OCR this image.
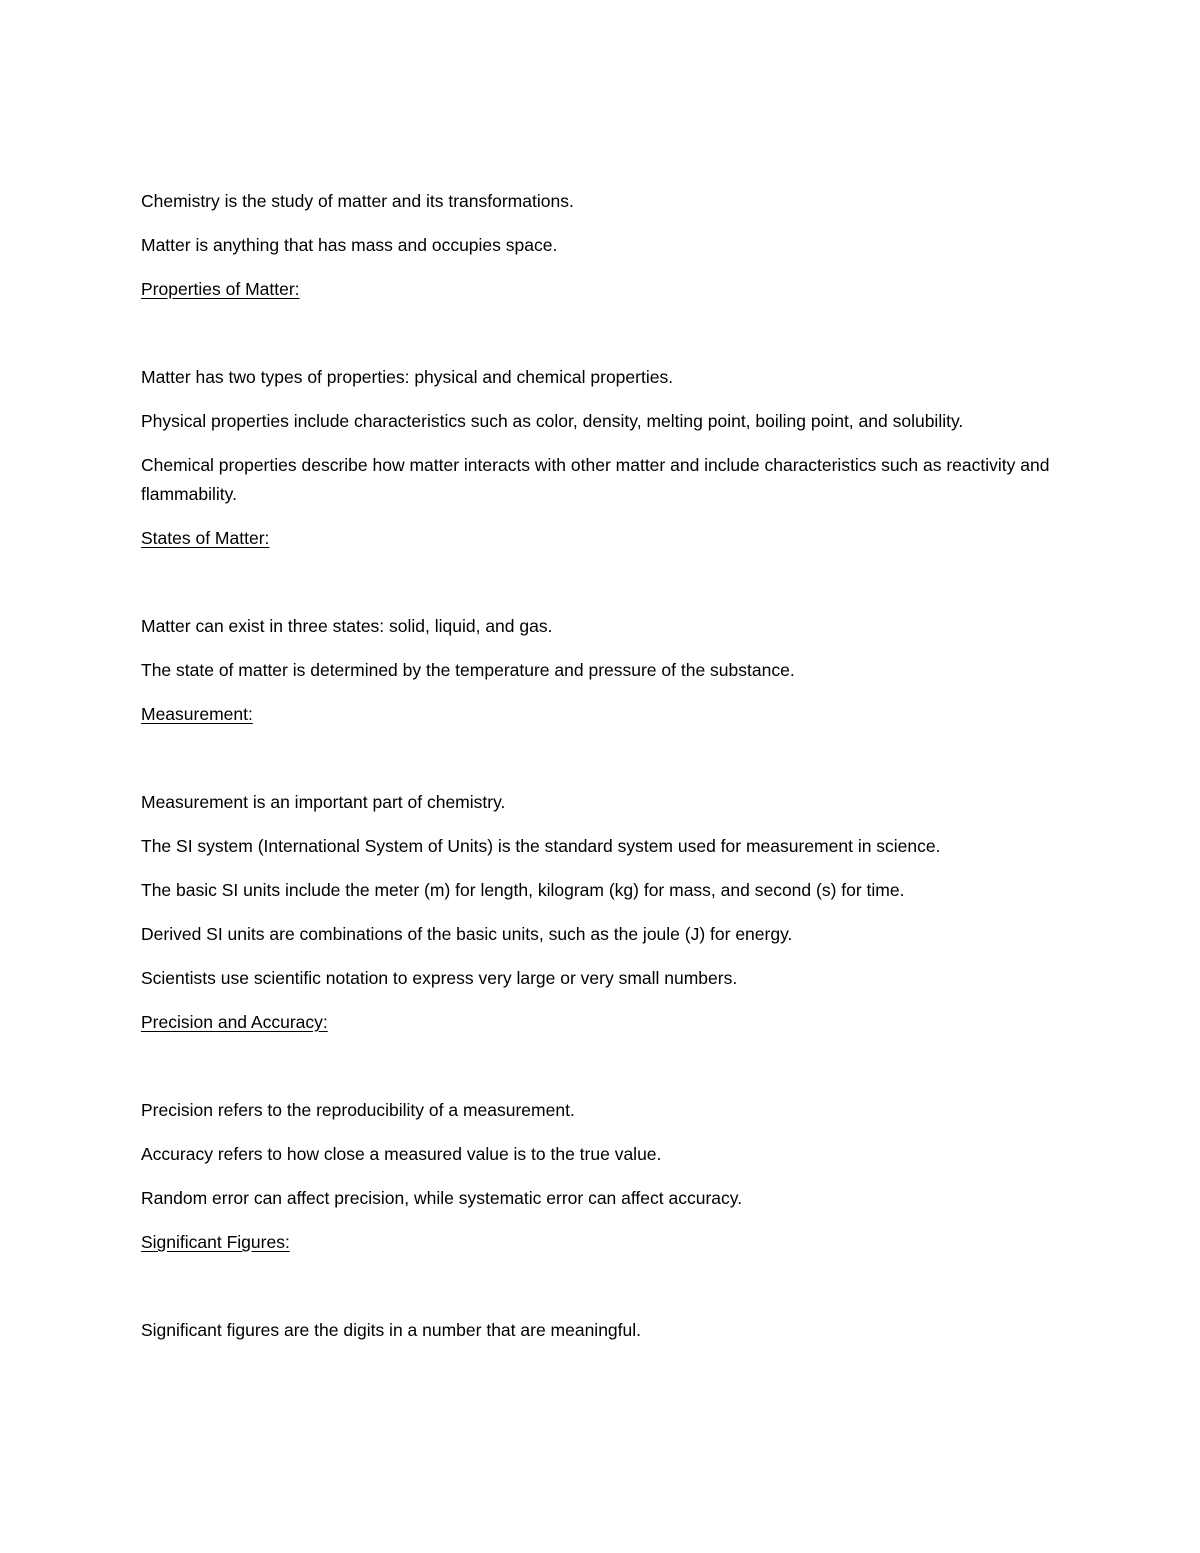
Chemistry is the study of matter and its transformations.

Matter is anything that has mass and occupies space.

Properties of Matter:

Matter has two types of properties: physical and chemical properties.

Physical properties include characteristics such as color, density, melting point, boiling point, and solubility.

Chemical properties describe how matter interacts with other matter and include characteristics such as reactivity and flammability.

States of Matter:

Matter can exist in three states: solid, liquid, and gas.

The state of matter is determined by the temperature and pressure of the substance.

Measurement:

Measurement is an important part of chemistry.

The SI system (International System of Units) is the standard system used for measurement in science.

The basic SI units include the meter (m) for length, kilogram (kg) for mass, and second (s) for time.

Derived SI units are combinations of the basic units, such as the joule (J) for energy.

Scientists use scientific notation to express very large or very small numbers.

Precision and Accuracy:

Precision refers to the reproducibility of a measurement.

Accuracy refers to how close a measured value is to the true value.

Random error can affect precision, while systematic error can affect accuracy.

Significant Figures:

Significant figures are the digits in a number that are meaningful.
